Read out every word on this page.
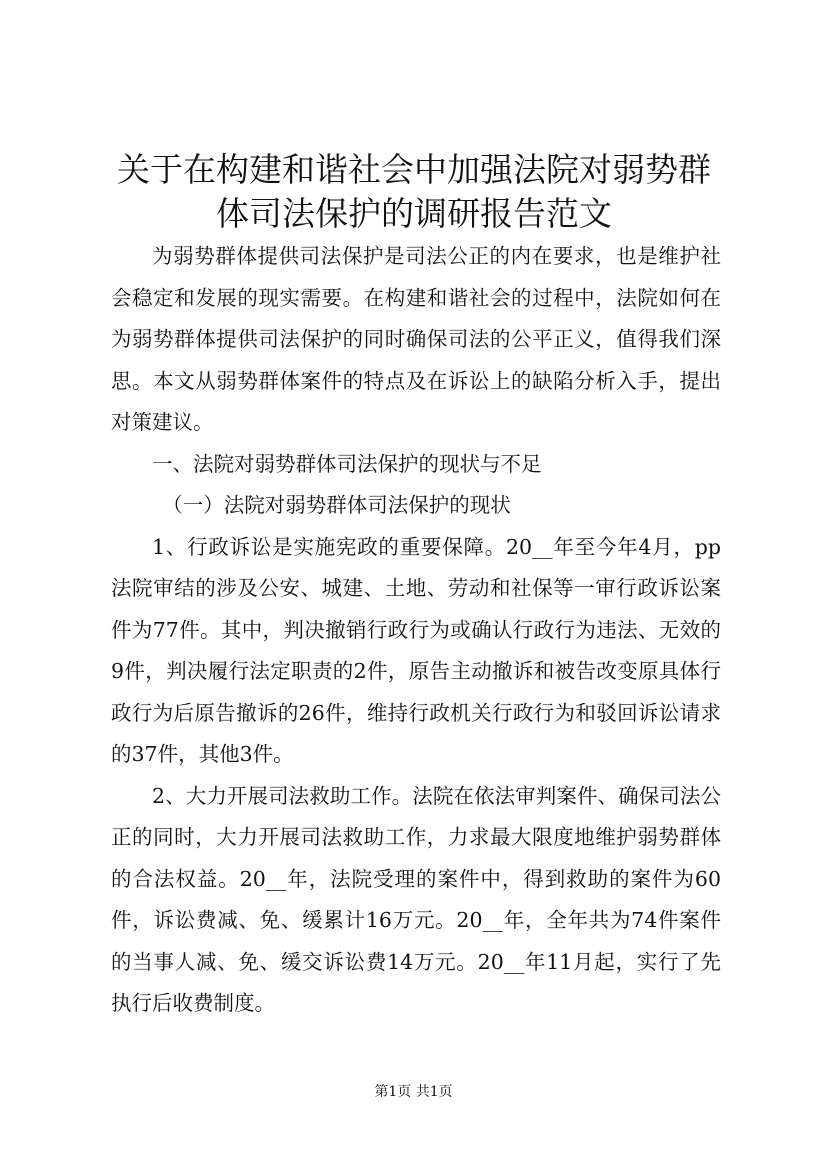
关于在构建和谐社会中加强法院对弱势群体司法保护的调研报告范文

为弱势群体提供司法保护是司法公正的内在要求，也是维护社会稳定和发展的现实需要。在构建和谐社会的过程中，法院如何在为弱势群体提供司法保护的同时确保司法的公平正义，值得我们深思。本文从弱势群体案件的特点及在诉讼上的缺陷分析入手，提出对策建议。

一、法院对弱势群体司法保护的现状与不足

（一）法院对弱势群体司法保护的现状

1、行政诉讼是实施宪政的重要保障。20__年至今年4月，pp法院审结的涉及公安、城建、土地、劳动和社保等一审行政诉讼案件为77件。其中，判决撤销行政行为或确认行政行为违法、无效的9件，判决履行法定职责的2件，原告主动撤诉和被告改变原具体行政行为后原告撤诉的26件，维持行政机关行政行为和驳回诉讼请求的37件，其他3件。

2、大力开展司法救助工作。法院在依法审判案件、确保司法公正的同时，大力开展司法救助工作，力求最大限度地维护弱势群体的合法权益。20__年，法院受理的案件中，得到救助的案件为60件，诉讼费减、免、缓累计16万元。20__年，全年共为74件案件的当事人减、免、缓交诉讼费14万元。20__年11月起，实行了先执行后收费制度。

第1页 共1页
